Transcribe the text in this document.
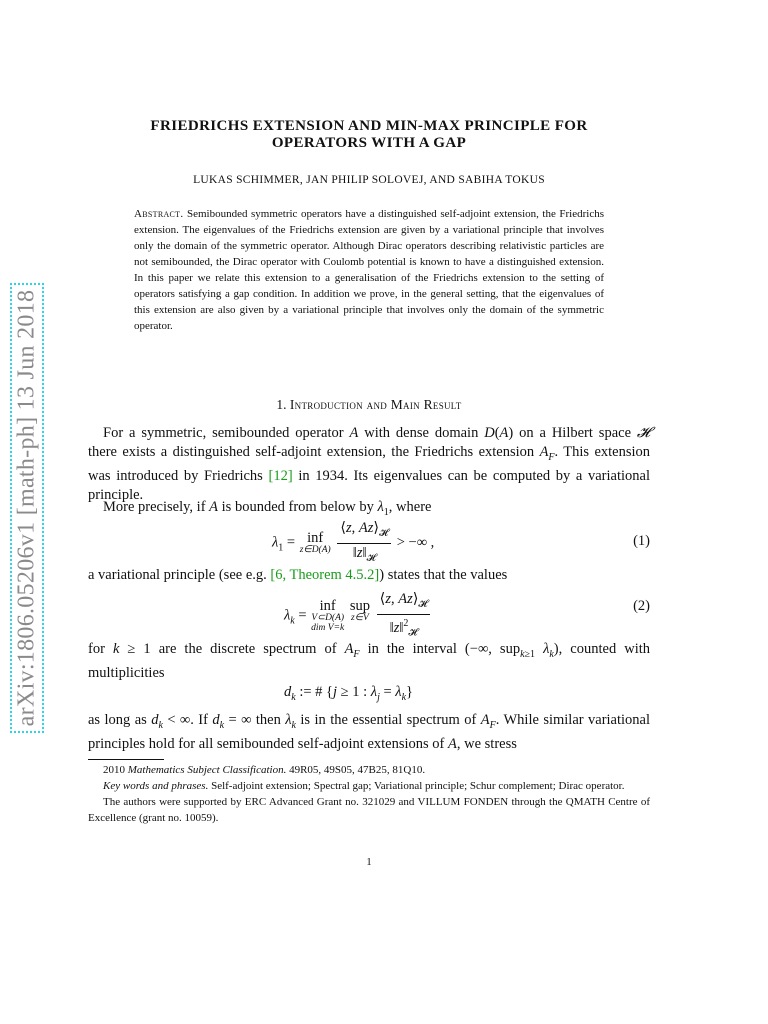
arXiv:1806.05206v1 [math-ph] 13 Jun 2018
FRIEDRICHS EXTENSION AND MIN-MAX PRINCIPLE FOR
OPERATORS WITH A GAP
LUKAS SCHIMMER, JAN PHILIP SOLOVEJ, AND SABIHA TOKUS
Abstract. Semibounded symmetric operators have a distinguished self-adjoint extension, the Friedrichs extension. The eigenvalues of the Friedrichs extension are given by a variational principle that involves only the domain of the symmetric operator. Although Dirac operators describing relativistic particles are not semibounded, the Dirac operator with Coulomb potential is known to have a distinguished extension. In this paper we relate this extension to a generalisation of the Friedrichs extension to the setting of operators satisfying a gap condition. In addition we prove, in the general setting, that the eigenvalues of this extension are also given by a variational principle that involves only the domain of the symmetric operator.
1. Introduction and Main Result
For a symmetric, semibounded operator A with dense domain D(A) on a Hilbert space 𝓗 there exists a distinguished self-adjoint extension, the Friedrichs extension $A_F$. This extension was introduced by Friedrichs [12] in 1934. Its eigenvalues can be computed by a variational principle.
More precisely, if A is bounded from below by $\lambda_1$, where
$\lambda_1$ = inf
z∈D(A)
$\frac{⟨z, Az⟩_𝓗}{‖z‖_𝓗}$ > −∞ ,	(1)
a variational principle (see e.g. [6, Theorem 4.5.2]) states that the values
$\lambda_k$ =
inf
V⊂D(A)
dim V=k

sup
z∈V

$\frac{⟨z, Az⟩_𝓗}{‖z‖^2_𝓗}$	(2)
for k ≥ 1 are the discrete spectrum of $A_F$ in the interval (−∞, sup$_{k\ge 1}$ $\lambda_k$), counted with multiplicities
$d_k$ := # {j ≥ 1 : $\lambda_j = \lambda_k$}
as long as $d_k$ < ∞. If $d_k$ = ∞ then $\lambda_k$ is in the essential spectrum of $A_F$. While similar variational principles hold for all semibounded self-adjoint extensions of A, we stress

2010 Mathematics Subject Classification. 49R05, 49S05, 47B25, 81Q10.

Key words and phrases. Self-adjoint extension; Spectral gap; Variational principle; Schur complement; Dirac operator.

The authors were supported by ERC Advanced Grant no. 321029 and VILLUM FONDEN through the QMATH Centre of Excellence (grant no. 10059).

1
